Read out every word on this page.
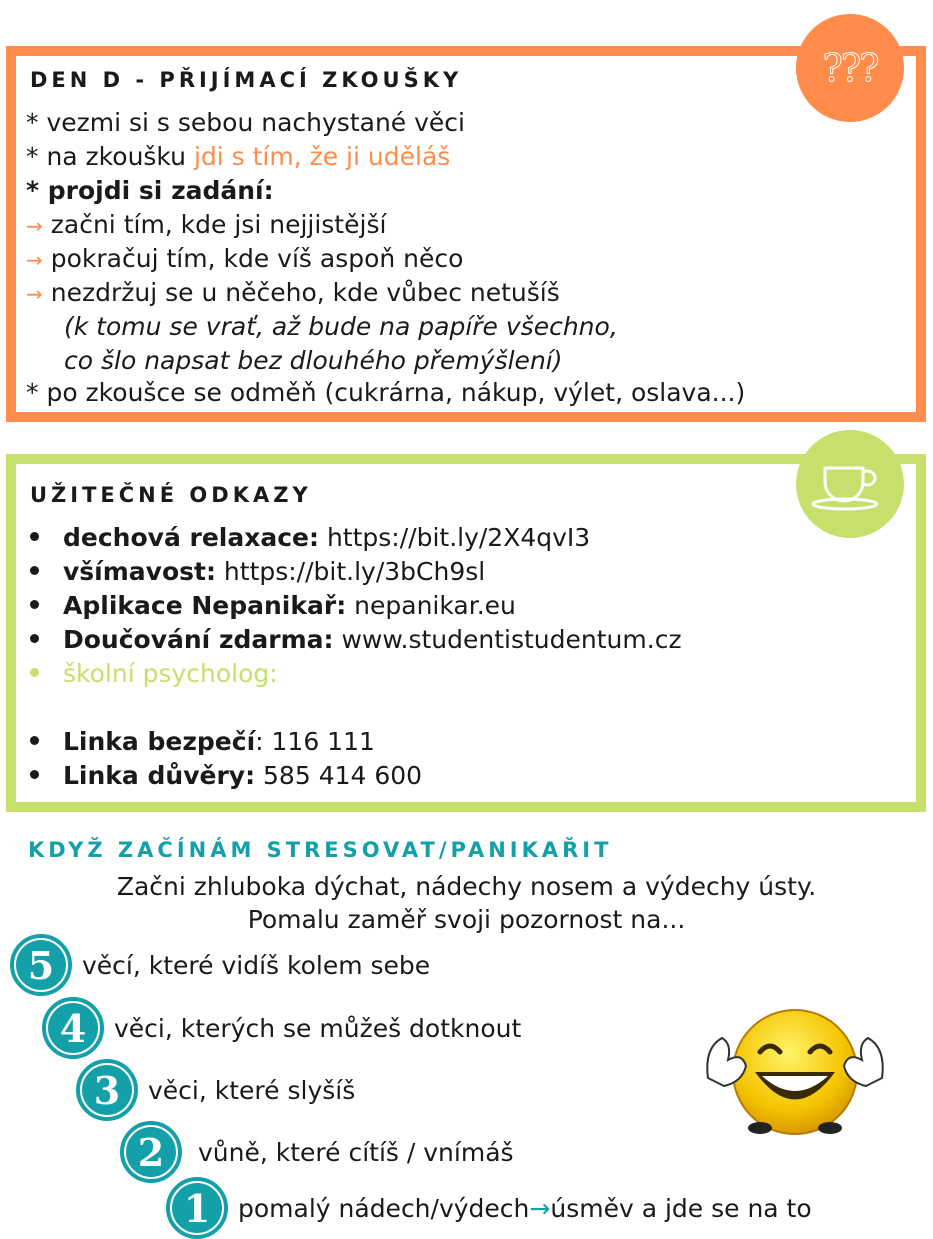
???
DEN D - PŘIJÍMACÍ ZKOUŠKY
* vezmi si s sebou nachystané věci
* na zkoušku jdi s tím, že ji uděláš
* projdi si zadání:
→ začni tím, kde jsi nejjistější
→ pokračuj tím, kde víš aspoň něco
→ nezdržuj se u něčeho, kde vůbec netušíš
(k tomu se vrať, až bude na papíře všechno,
co šlo napsat bez dlouhého přemýšlení)
* po zkoušce se odměň (cukrárna, nákup, výlet, oslava...)
UŽITEČNÉ ODKAZY
dechová relaxace: https://bit.ly/2X4qvI3
všímavost: https://bit.ly/3bCh9sl
Aplikace Nepanikař: nepanikar.eu
Doučování zdarma: www.studentistudentum.cz
školní psycholog:
Linka bezpečí: 116 111
Linka důvěry: 585 414 600
KDYŽ ZAČÍNÁM STRESOVAT/PANIKAŘIT
Začni zhluboka dýchat, nádechy nosem a výdechy ústy.
Pomalu zaměř svoji pozornost na...
5	věcí, které vidíš kolem sebe
4	věci, kterých se můžeš dotknout
3	věci, které slyšíš
2	vůně, které cítíš / vnímáš
1	pomalý nádech/výdech→úsměv a jde se na to
